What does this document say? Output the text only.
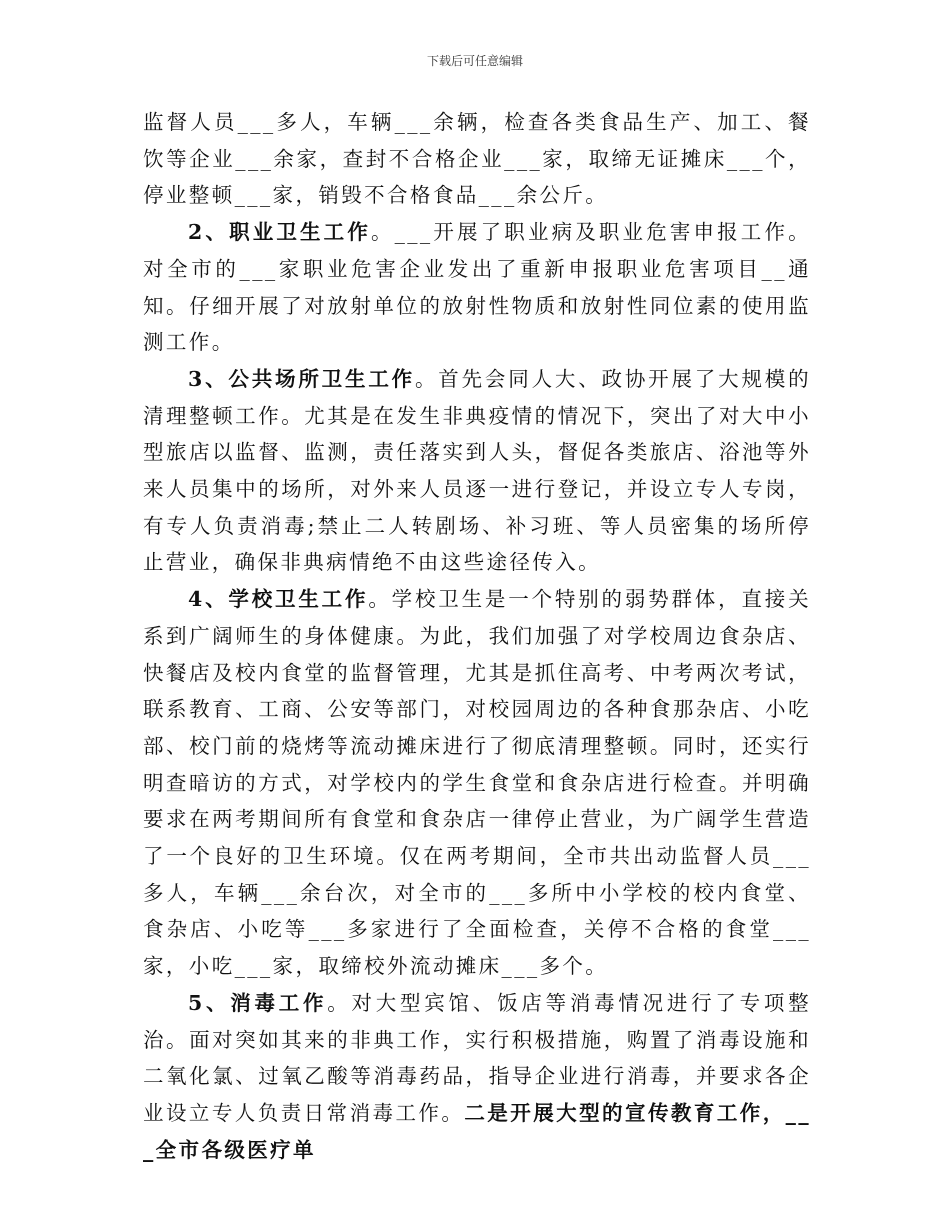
下载后可任意编辑

监督人员___多人，车辆___余辆，检查各类食品生产、加工、餐饮等企业___余家，查封不合格企业___家，取缔无证摊床___个，停业整顿___家，销毁不合格食品___余公斤。

2、职业卫生工作。___开展了职业病及职业危害申报工作。对全市的___家职业危害企业发出了重新申报职业危害项目__通知。仔细开展了对放射单位的放射性物质和放射性同位素的使用监测工作。

3、公共场所卫生工作。首先会同人大、政协开展了大规模的清理整顿工作。尤其是在发生非典疫情的情况下，突出了对大中小型旅店以监督、监测，责任落实到人头，督促各类旅店、浴池等外来人员集中的场所，对外来人员逐一进行登记，并设立专人专岗，有专人负责消毒;禁止二人转剧场、补习班、等人员密集的场所停止营业，确保非典病情绝不由这些途径传入。

4、学校卫生工作。学校卫生是一个特别的弱势群体，直接关系到广阔师生的身体健康。为此，我们加强了对学校周边食杂店、快餐店及校内食堂的监督管理，尤其是抓住高考、中考两次考试，联系教育、工商、公安等部门，对校园周边的各种食那杂店、小吃部、校门前的烧烤等流动摊床进行了彻底清理整顿。同时，还实行明查暗访的方式，对学校内的学生食堂和食杂店进行检查。并明确要求在两考期间所有食堂和食杂店一律停止营业，为广阔学生营造了一个良好的卫生环境。仅在两考期间，全市共出动监督人员___多人，车辆___余台次，对全市的___多所中小学校的校内食堂、食杂店、小吃等___多家进行了全面检查，关停不合格的食堂___家，小吃___家，取缔校外流动摊床___多个。

5、消毒工作。对大型宾馆、饭店等消毒情况进行了专项整治。面对突如其来的非典工作，实行积极措施，购置了消毒设施和二氧化氯、过氧乙酸等消毒药品，指导企业进行消毒，并要求各企业设立专人负责日常消毒工作。二是开展大型的宣传教育工作，___全市各级医疗单
